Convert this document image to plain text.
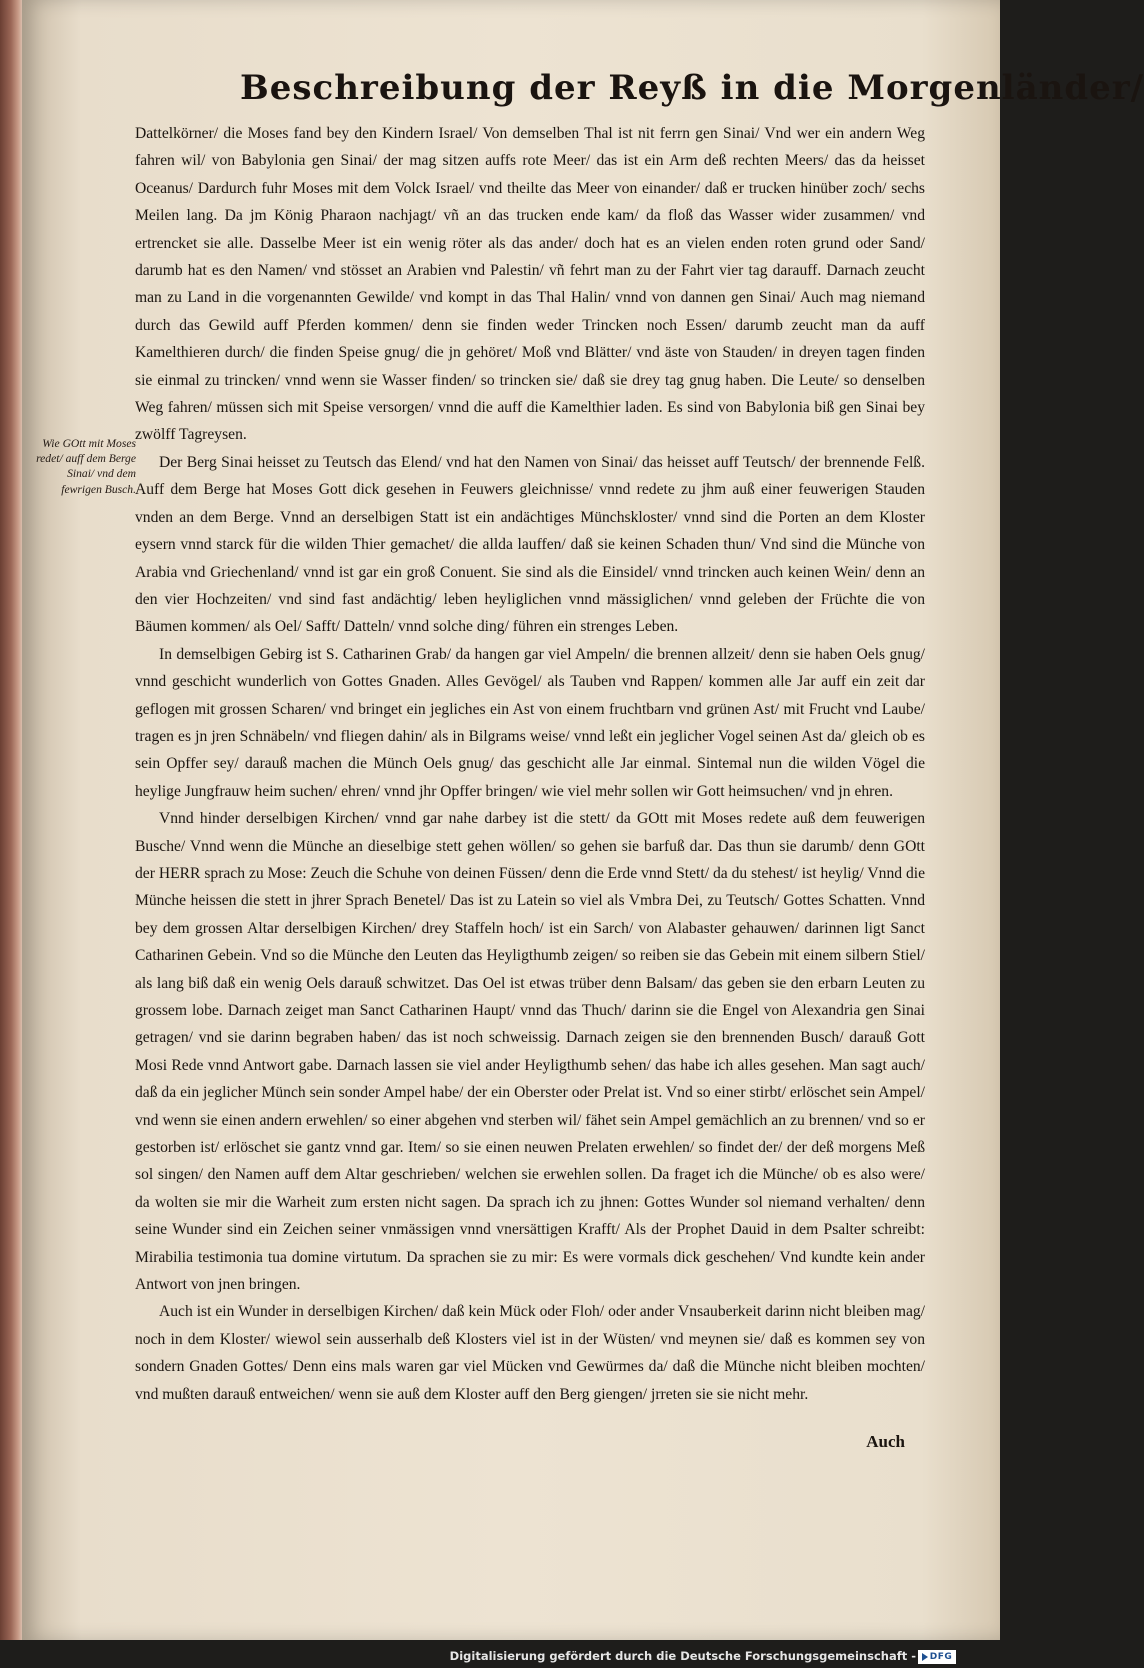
Beschreibung der Reyß in die Morgenländer/
Wie GOtt mit Moses redet/ auff dem Berge Sinai/ vnd dem fewrigen Busch.

Dattelkörner/ die Moses fand bey den Kindern Israel/ Von demselben Thal ist nit ferrn gen Sinai/ Vnd wer ein andern Weg fahren wil/ von Babylonia gen Sinai/ der mag sitzen auffs rote Meer/ das ist ein Arm deß rechten Meers/ das da heisset Oceanus/ Dardurch fuhr Moses mit dem Volck Israel/ vnd theilte das Meer von einander/ daß er trucken hinüber zoch/ sechs Meilen lang. Da jm König Pharaon nachjagt/ vñ an das trucken ende kam/ da floß das Wasser wider zusammen/ vnd ertrencket sie alle. Dasselbe Meer ist ein wenig röter als das ander/ doch hat es an vielen enden roten grund oder Sand/ darumb hat es den Namen/ vnd stösset an Arabien vnd Palestin/ vñ fehrt man zu der Fahrt vier tag darauff. Darnach zeucht man zu Land in die vorgenannten Gewilde/ vnd kompt in das Thal Halin/ vnnd von dannen gen Sinai/ Auch mag niemand durch das Gewild auff Pferden kommen/ denn sie finden weder Trincken noch Essen/ darumb zeucht man da auff Kamelthieren durch/ die finden Speise gnug/ die jn gehöret/ Moß vnd Blätter/ vnd äste von Stauden/ in dreyen tagen finden sie einmal zu trincken/ vnnd wenn sie Wasser finden/ so trincken sie/ daß sie drey tag gnug haben. Die Leute/ so denselben Weg fahren/ müssen sich mit Speise versorgen/ vnnd die auff die Kamelthier laden. Es sind von Babylonia biß gen Sinai bey zwölff Tagreysen.

Der Berg Sinai heisset zu Teutsch das Elend/ vnd hat den Namen von Sinai/ das heisset auff Teutsch/ der brennende Felß. Auff dem Berge hat Moses Gott dick gesehen in Feuwers gleichnisse/ vnnd redete zu jhm auß einer feuwerigen Stauden vnden an dem Berge. Vnnd an derselbigen Statt ist ein andächtiges Münchskloster/ vnnd sind die Porten an dem Kloster eysern vnnd starck für die wilden Thier gemachet/ die allda lauffen/ daß sie keinen Schaden thun/ Vnd sind die Münche von Arabia vnd Griechenland/ vnnd ist gar ein groß Conuent. Sie sind als die Einsidel/ vnnd trincken auch keinen Wein/ denn an den vier Hochzeiten/ vnd sind fast andächtig/ leben heyliglichen vnnd mässiglichen/ vnnd geleben der Früchte die von Bäumen kommen/ als Oel/ Safft/ Datteln/ vnnd solche ding/ führen ein strenges Leben.

In demselbigen Gebirg ist S. Catharinen Grab/ da hangen gar viel Ampeln/ die brennen allzeit/ denn sie haben Oels gnug/ vnnd geschicht wunderlich von Gottes Gnaden. Alles Gevögel/ als Tauben vnd Rappen/ kommen alle Jar auff ein zeit dar geflogen mit grossen Scharen/ vnd bringet ein jegliches ein Ast von einem fruchtbarn vnd grünen Ast/ mit Frucht vnd Laube/ tragen es jn jren Schnäbeln/ vnd fliegen dahin/ als in Bilgrams weise/ vnnd leßt ein jeglicher Vogel seinen Ast da/ gleich ob es sein Opffer sey/ darauß machen die Münch Oels gnug/ das geschicht alle Jar einmal. Sintemal nun die wilden Vögel die heylige Jungfrauw heim suchen/ ehren/ vnnd jhr Opffer bringen/ wie viel mehr sollen wir Gott heimsuchen/ vnd jn ehren.

Vnnd hinder derselbigen Kirchen/ vnnd gar nahe darbey ist die stett/ da GOtt mit Moses redete auß dem feuwerigen Busche/ Vnnd wenn die Münche an dieselbige stett gehen wöllen/ so gehen sie barfuß dar. Das thun sie darumb/ denn GOtt der HERR sprach zu Mose: Zeuch die Schuhe von deinen Füssen/ denn die Erde vnnd Stett/ da du stehest/ ist heylig/ Vnnd die Münche heissen die stett in jhrer Sprach Benetel/ Das ist zu Latein so viel als Vmbra Dei, zu Teutsch/ Gottes Schatten. Vnnd bey dem grossen Altar derselbigen Kirchen/ drey Staffeln hoch/ ist ein Sarch/ von Alabaster gehauwen/ darinnen ligt Sanct Catharinen Gebein. Vnd so die Münche den Leuten das Heyligthumb zeigen/ so reiben sie das Gebein mit einem silbern Stiel/ als lang biß daß ein wenig Oels darauß schwitzet. Das Oel ist etwas trüber denn Balsam/ das geben sie den erbarn Leuten zu grossem lobe. Darnach zeiget man Sanct Catharinen Haupt/ vnnd das Thuch/ darinn sie die Engel von Alexandria gen Sinai getragen/ vnd sie darinn begraben haben/ das ist noch schweissig. Darnach zeigen sie den brennenden Busch/ darauß Gott Mosi Rede vnnd Antwort gabe. Darnach lassen sie viel ander Heyligthumb sehen/ das habe ich alles gesehen. Man sagt auch/ daß da ein jeglicher Münch sein sonder Ampel habe/ der ein Oberster oder Prelat ist. Vnd so einer stirbt/ erlöschet sein Ampel/ vnd wenn sie einen andern erwehlen/ so einer abgehen vnd sterben wil/ fähet sein Ampel gemächlich an zu brennen/ vnd so er gestorben ist/ erlöschet sie gantz vnnd gar. Item/ so sie einen neuwen Prelaten erwehlen/ so findet der/ der deß morgens Meß sol singen/ den Namen auff dem Altar geschrieben/ welchen sie erwehlen sollen. Da fraget ich die Münche/ ob es also were/ da wolten sie mir die Warheit zum ersten nicht sagen. Da sprach ich zu jhnen: Gottes Wunder sol niemand verhalten/ denn seine Wunder sind ein Zeichen seiner vnmässigen vnnd vnersättigen Krafft/ Als der Prophet Dauid in dem Psalter schreibt: Mirabilia testimonia tua domine virtutum. Da sprachen sie zu mir: Es were vormals dick geschehen/ Vnd kundte kein ander Antwort von jnen bringen.

Auch ist ein Wunder in derselbigen Kirchen/ daß kein Mück oder Floh/ oder ander Vnsauberkeit darinn nicht bleiben mag/ noch in dem Kloster/ wiewol sein ausserhalb deß Klosters viel ist in der Wüsten/ vnd meynen sie/ daß es kommen sey von sondern Gnaden Gottes/ Denn eins mals waren gar viel Mücken vnd Gewürmes da/ daß die Münche nicht bleiben mochten/ vnd mußten darauß entweichen/ wenn sie auß dem Kloster auff den Berg giengen/ jrreten sie sie nicht mehr.

Auch
Digitalisierung gefördert durch die Deutsche Forschungsgemeinschaft - DFG
